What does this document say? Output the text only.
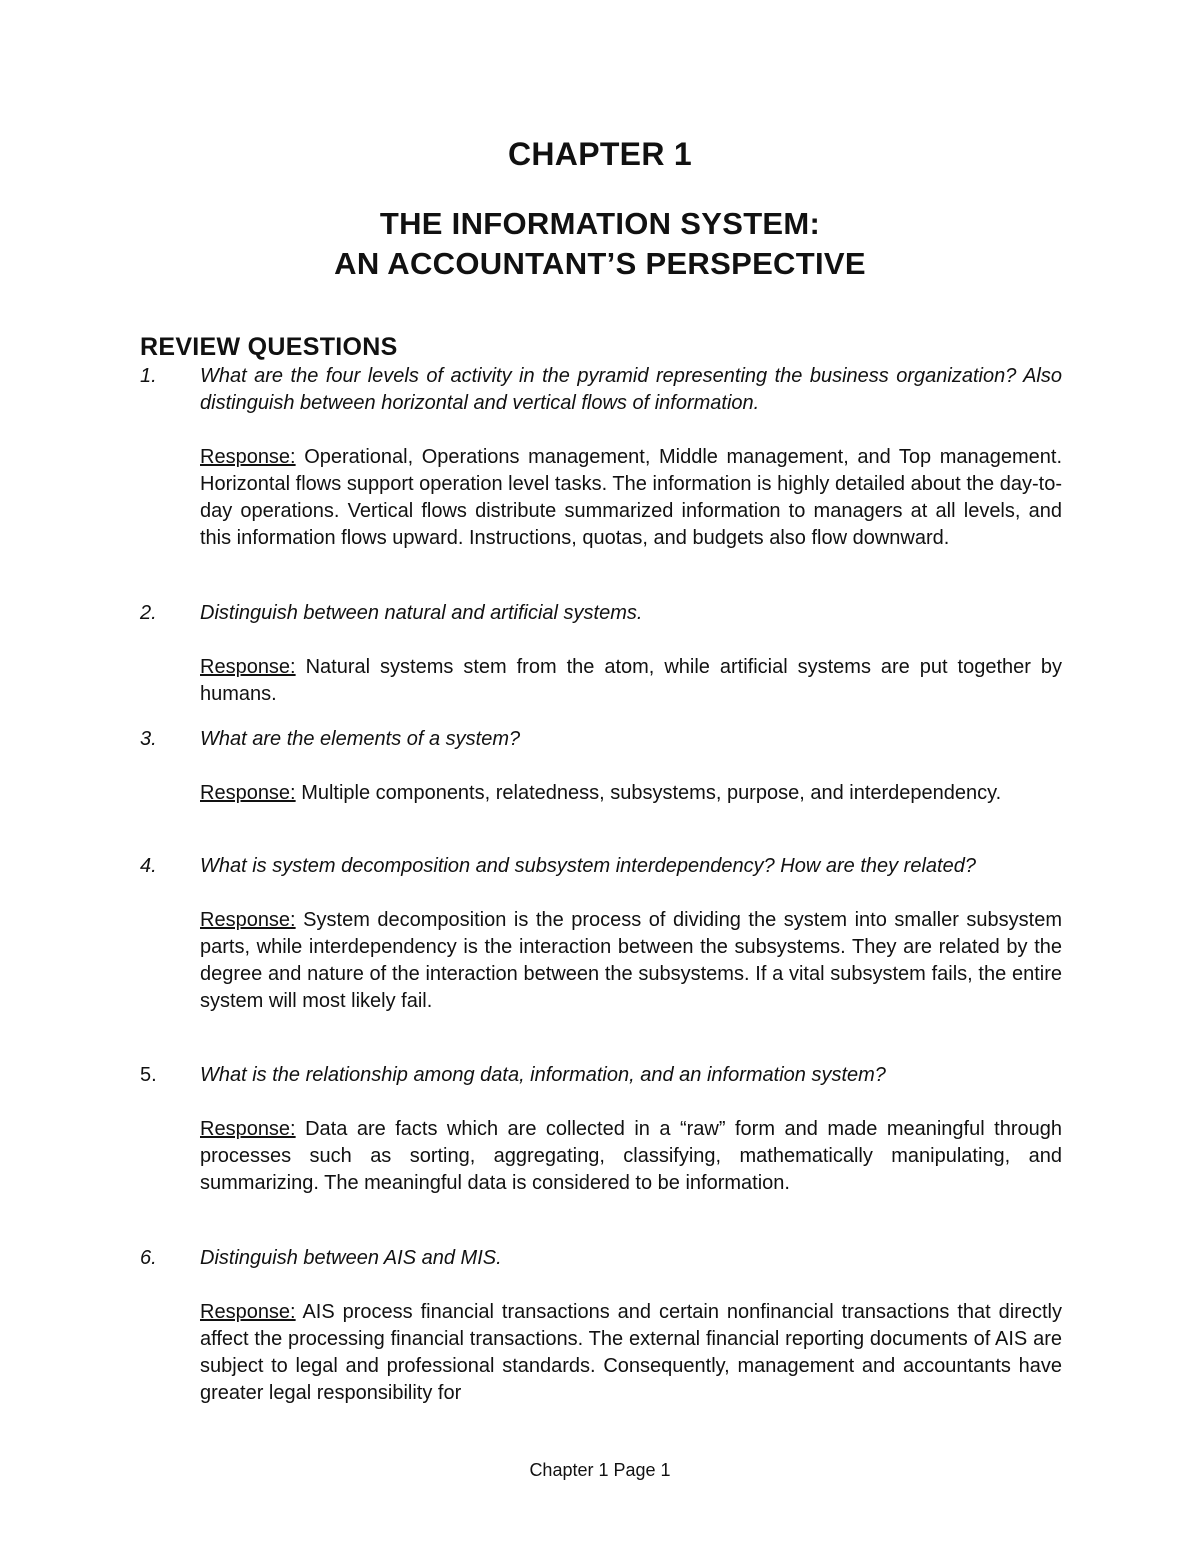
CHAPTER 1
THE INFORMATION SYSTEM:
AN ACCOUNTANT’S PERSPECTIVE
REVIEW QUESTIONS
1. What are the four levels of activity in the pyramid representing the business organization? Also distinguish between horizontal and vertical flows of information.
Response: Operational, Operations management, Middle management, and Top management. Horizontal flows support operation level tasks. The information is highly detailed about the day-to-day operations. Vertical flows distribute summarized information to managers at all levels, and this information flows upward. Instructions, quotas, and budgets also flow downward.
2. Distinguish between natural and artificial systems.
Response: Natural systems stem from the atom, while artificial systems are put together by humans.
3. What are the elements of a system?
Response: Multiple components, relatedness, subsystems, purpose, and interdependency.
4. What is system decomposition and subsystem interdependency? How are they related?
Response: System decomposition is the process of dividing the system into smaller subsystem parts, while interdependency is the interaction between the subsystems. They are related by the degree and nature of the interaction between the subsystems. If a vital subsystem fails, the entire system will most likely fail.
5. What is the relationship among data, information, and an information system?
Response: Data are facts which are collected in a “raw” form and made meaningful through processes such as sorting, aggregating, classifying, mathematically manipulating, and summarizing. The meaningful data is considered to be information.
6. Distinguish between AIS and MIS.
Response: AIS process financial transactions and certain nonfinancial transactions that directly affect the processing financial transactions. The external financial reporting documents of AIS are subject to legal and professional standards. Consequently, management and accountants have greater legal responsibility for
Chapter 1 Page 1
